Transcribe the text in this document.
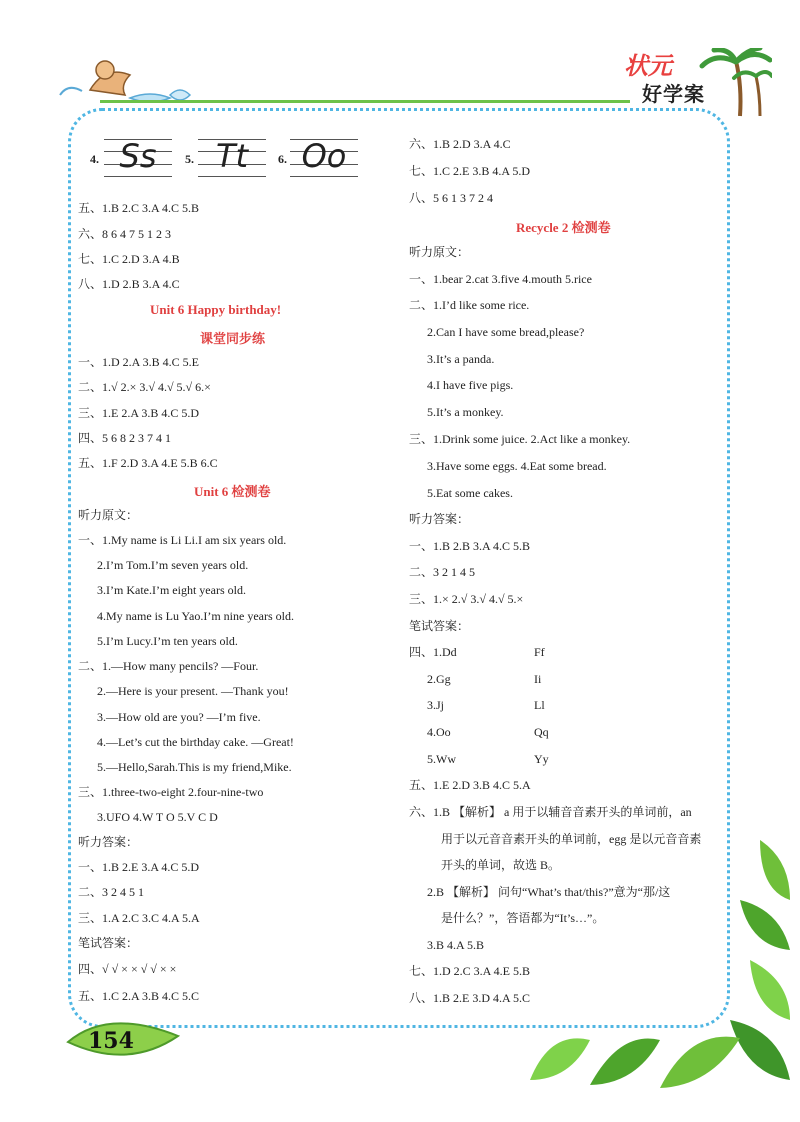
状元
好学案
4. Ss	5. Tt	6. Oo
五、1.B 2.C 3.A 4.C 5.B
六、8 6 4 7 5 1 2 3
七、1.C 2.D 3.A 4.B
八、1.D 2.B 3.A 4.C
Unit 6 Happy birthday!
课堂同步练
一、1.D 2.A 3.B 4.C 5.E
二、1.√ 2.× 3.√ 4.√ 5.√ 6.×
三、1.E 2.A 3.B 4.C 5.D
四、5 6 8 2 3 7 4 1
五、1.F 2.D 3.A 4.E 5.B 6.C
Unit 6 检测卷
听力原文：
一、1.My name is Li Li.I am six years old.
2.I’m Tom.I’m seven years old.
3.I’m Kate.I’m eight years old.
4.My name is Lu Yao.I’m nine years old.
5.I’m Lucy.I’m ten years old.
二、1.—How many pencils? —Four.
2.—Here is your present. —Thank you!
3.—How old are you? —I’m five.
4.—Let’s cut the birthday cake. —Great!
5.—Hello,Sarah.This is my friend,Mike.
三、1.three-two-eight 2.four-nine-two
3.UFO 4.W T O 5.V C D
听力答案：
一、1.B 2.E 3.A 4.C 5.D
二、3 2 4 5 1
三、1.A 2.C 3.C 4.A 5.A
笔试答案：
四、√ √ × × √ √ × ×
五、1.C 2.A 3.B 4.C 5.C
六、1.B 2.D 3.A 4.C
七、1.C 2.E 3.B 4.A 5.D
八、5 6 1 3 7 2 4
Recycle 2 检测卷
听力原文：
一、1.bear 2.cat 3.five 4.mouth 5.rice
二、1.I’d like some rice.
2.Can I have some bread,please?
3.It’s a panda.
4.I have five pigs.
5.It’s a monkey.
三、1.Drink some juice. 2.Act like a monkey.
3.Have some eggs. 4.Eat some bread.
5.Eat some cakes.
听力答案：
一、1.B 2.B 3.A 4.C 5.B
二、3 2 1 4 5
三、1.× 2.√ 3.√ 4.√ 5.×
笔试答案：
四、1.Dd	Ff
2.Gg	Ii
3.Jj	Ll
4.Oo	Qq
5.Ww	Yy
五、1.E 2.D 3.B 4.C 5.A
六、1.B 【解析】 a 用于以辅音音素开头的单词前，an
用于以元音音素开头的单词前，egg 是以元音音素
开头的单词，故选 B。
2.B 【解析】 问句“What’s that/this?”意为“那/这
是什么？”，答语都为“It’s…”。
3.B 4.A 5.B
七、1.D 2.C 3.A 4.E 5.B
八、1.B 2.E 3.D 4.A 5.C
154
